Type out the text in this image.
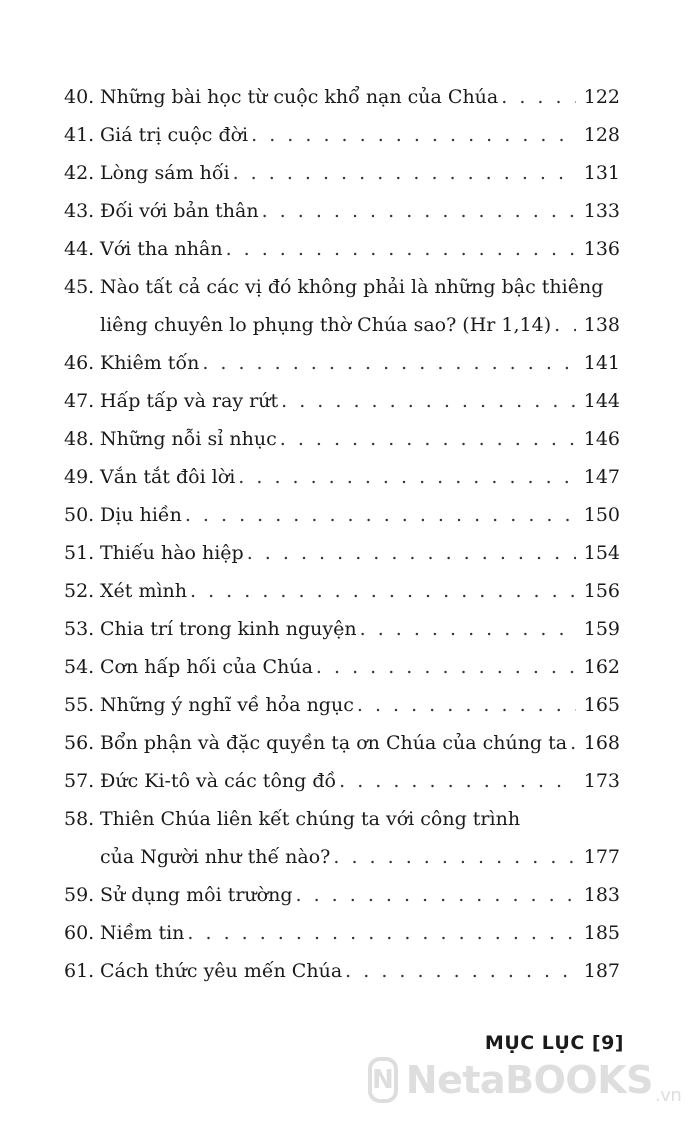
40. Những bài học từ cuộc khổ nạn của Chúa . . .	122
41. Giá trị cuộc đời . . .	128
42. Lòng sám hối . . .	131
43. Đối với bản thân . . .	133
44. Với tha nhân . . .	136
45. Nào tất cả các vị đó không phải là những bậc thiêng
liêng chuyên lo phụng thờ Chúa sao? (Hr 1,14) . . . 138
46. Khiêm tốn . . .	141
47. Hấp tấp và ray rứt . . .	144
48. Những nỗi sỉ nhục . . .	146
49. Vắn tắt đôi lời . . .	147
50. Dịu hiền . . .	150
51. Thiếu hào hiệp . . .	154
52. Xét mình . . .	156
53. Chia trí trong kinh nguyện . . .	159
54. Cơn hấp hối của Chúa . . .	162
55. Những ý nghĩ về hỏa ngục . . .	165
56. Bổn phận và đặc quyền tạ ơn Chúa của chúng ta . . . 168
57. Đức Ki-tô và các tông đồ . . .	173
58. Thiên Chúa liên kết chúng ta với công trình
của Người như thế nào? . . .	177
59. Sử dụng môi trường . . .	183
60. Niềm tin . . .	185
61. Cách thức yêu mến Chúa . . .	187
MỤC LỤC [9]
N NetaBOOKS $_{.vn}$
